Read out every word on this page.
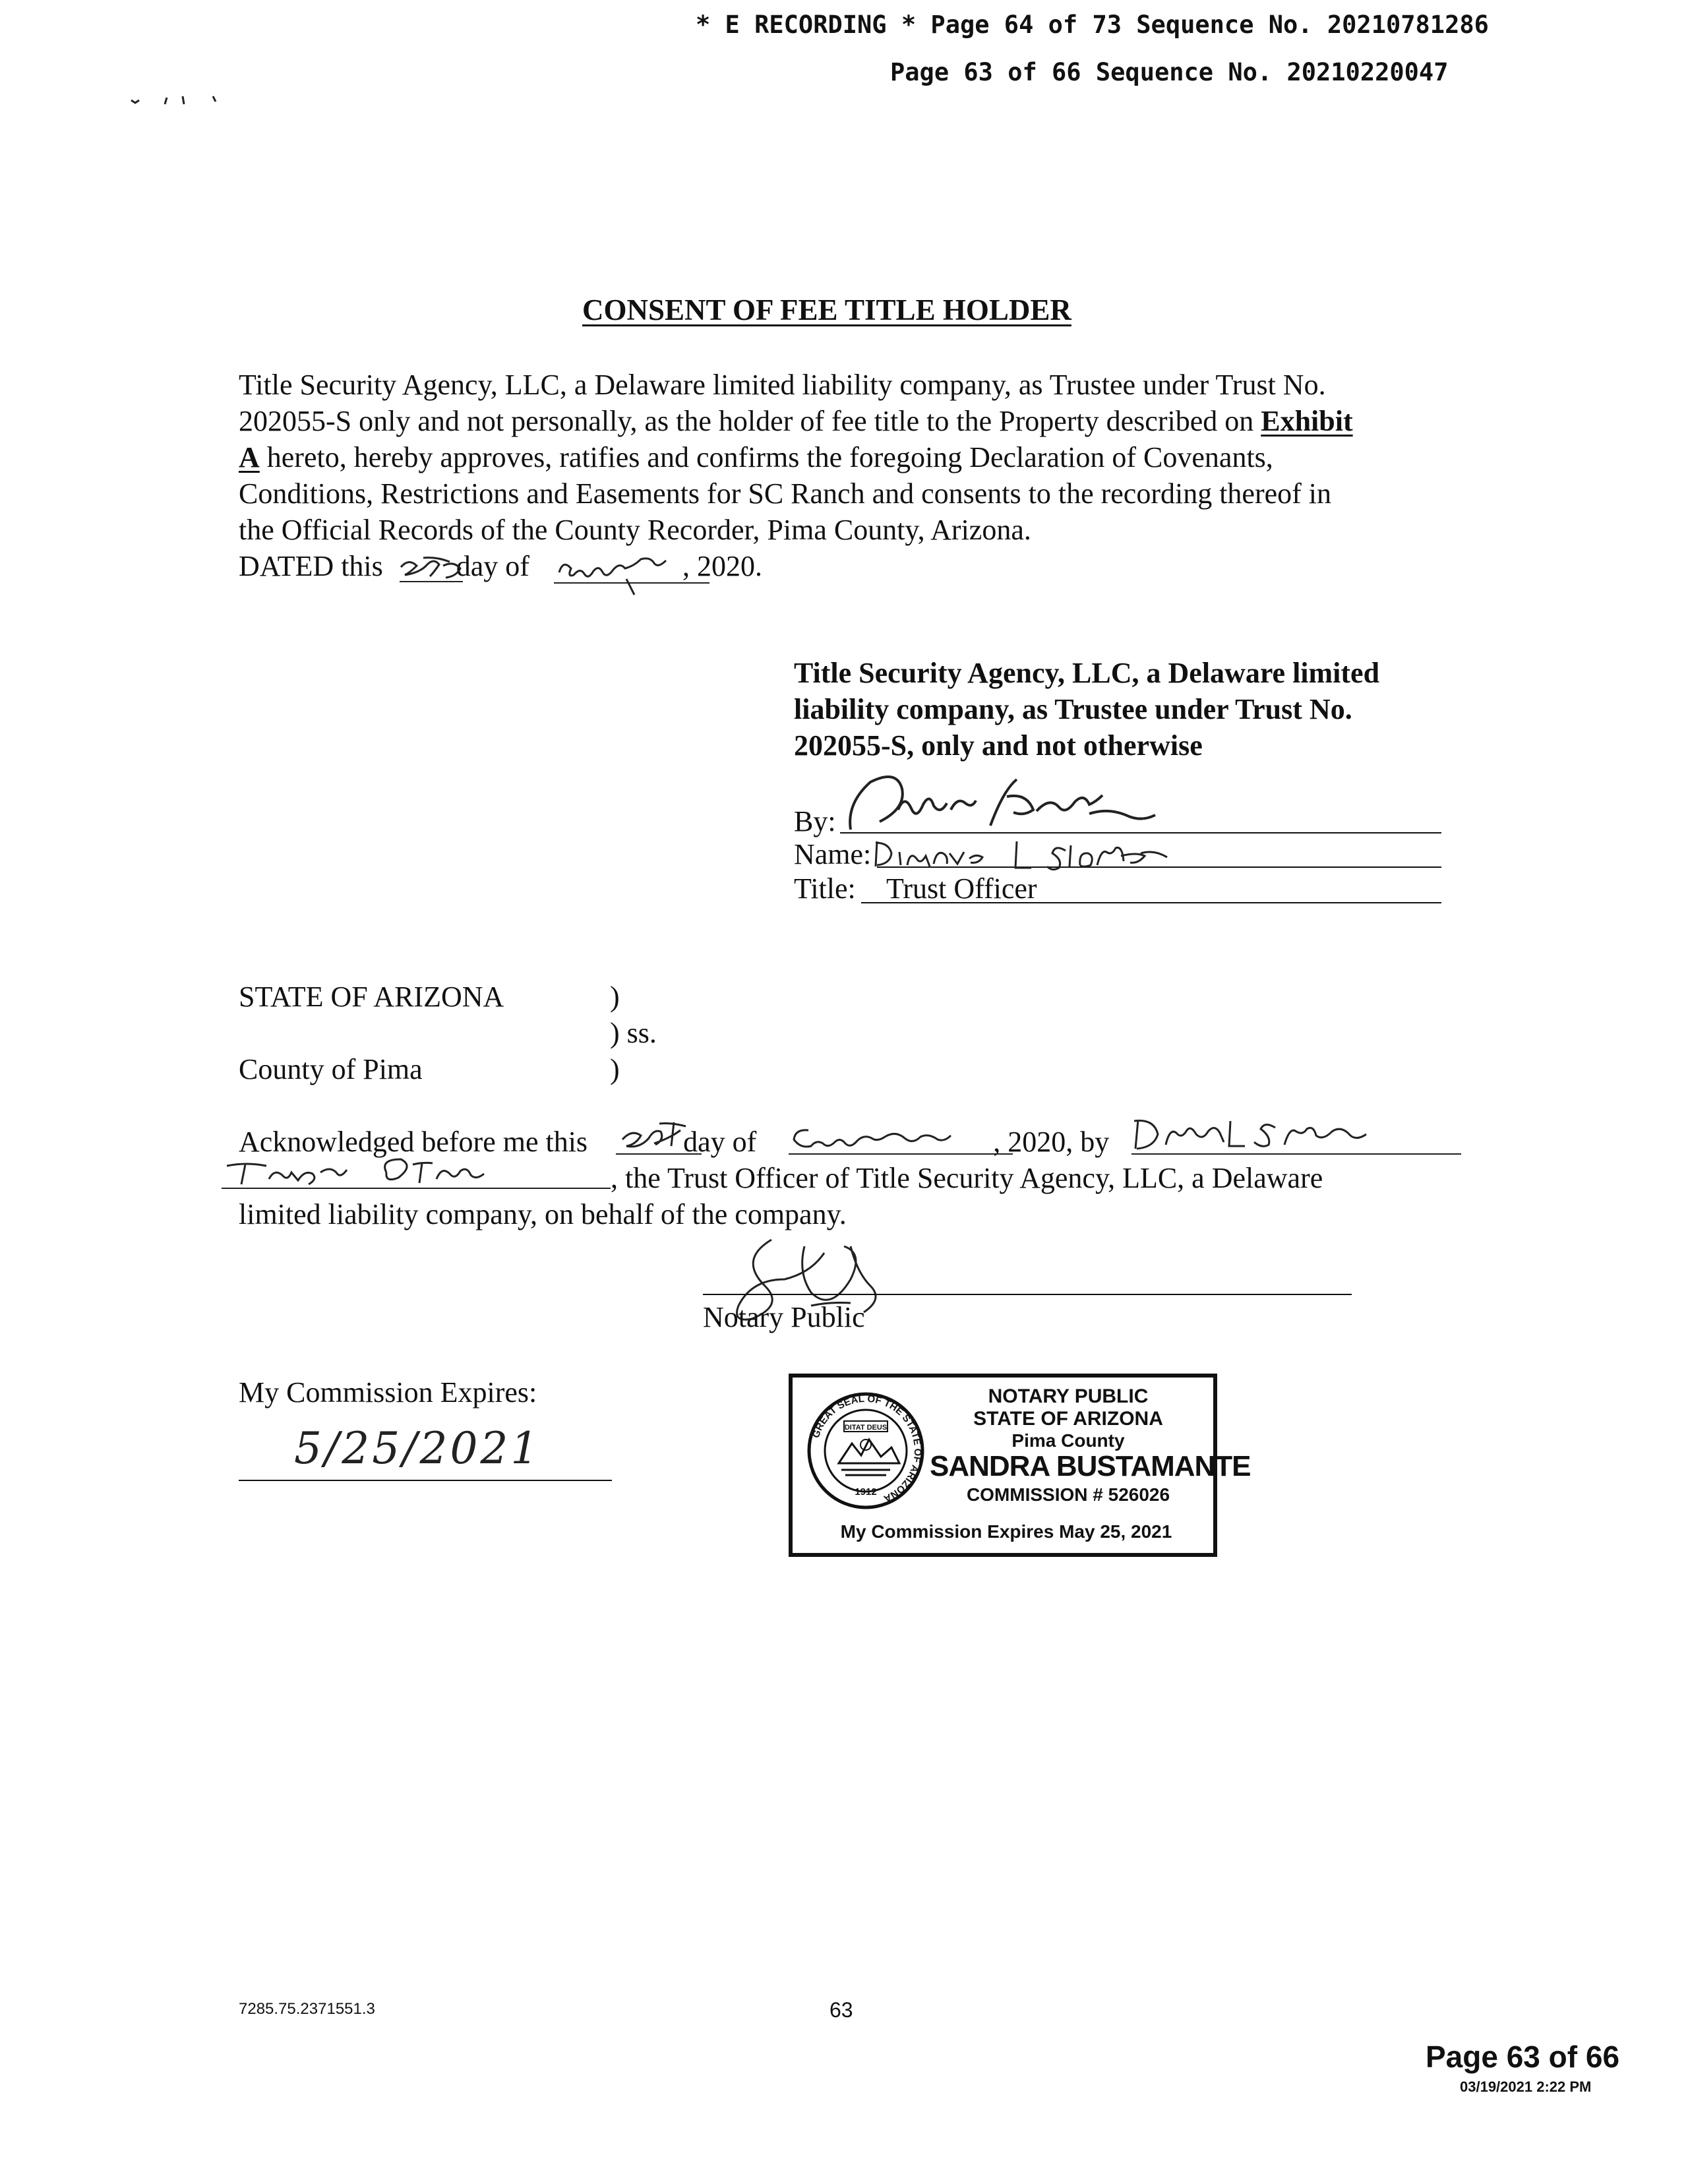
* E RECORDING * Page 64 of 73 Sequence No. 20210781286
Page 63 of 66 Sequence No. 20210220047
CONSENT OF FEE TITLE HOLDER
Title Security Agency, LLC, a Delaware limited liability company, as Trustee under Trust No.
202055-S only and not personally, as the holder of fee title to the Property described on Exhibit
A hereto, hereby approves, ratifies and confirms the foregoing Declaration of Covenants,
Conditions, Restrictions and Easements for SC Ranch and consents to the recording thereof in
the Official Records of the County Recorder, Pima County, Arizona.
DATED this day of	, 2020.
Title Security Agency, LLC, a Delaware limited
liability company, as Trustee under Trust No.
202055-S, only and not otherwise
By:
Name:
Title: Trust Officer
STATE OF ARIZONA	)
) ss.
County of Pima	)
Acknowledged before me this	day of	, 2020, by
, the Trust Officer of Title Security Agency, LLC, a Delaware
limited liability company, on behalf of the company.
Notary Public
My Commission Expires:
5/25/2021	GREAT SEAL OF THE STATE OF ARIZONA
DITAT DEUS
1912
NOTARY PUBLIC
STATE OF ARIZONA
Pima County
SANDRA BUSTAMANTE
COMMISSION # 526026
My Commission Expires May 25, 2021
7285.75.2371551.3	63
Page 63 of 66
03/19/2021 2:22 PM
